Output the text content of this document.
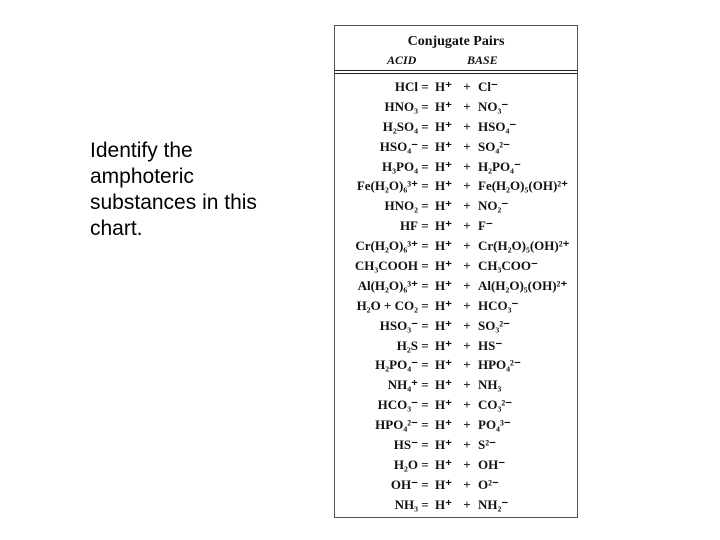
Identify the amphoteric substances in this chart.
Conjugate Pairs
ACID	BASE
HCl = H⁺ + Cl⁻
HNO₃ = H⁺ + NO₃⁻
H₂SO₄ = H⁺ + HSO₄⁻
HSO₄⁻ = H⁺ + SO₄²⁻
H₃PO₄ = H⁺ + H₂PO₄⁻
Fe(H₂O)₆³⁺ = H⁺ + Fe(H₂O)₅(OH)²⁺
HNO₂ = H⁺ + NO₂⁻
HF = H⁺ + F⁻
Cr(H₂O)₆³⁺ = H⁺ + Cr(H₂O)₅(OH)²⁺
CH₃COOH = H⁺ + CH₃COO⁻
Al(H₂O)₆³⁺ = H⁺ + Al(H₂O)₅(OH)²⁺
H₂O + CO₂ = H⁺ + HCO₃⁻
HSO₃⁻ = H⁺ + SO₃²⁻
H₂S = H⁺ + HS⁻
H₂PO₄⁻ = H⁺ + HPO₄²⁻
NH₄⁺ = H⁺ + NH₃
HCO₃⁻ = H⁺ + CO₃²⁻
HPO₄²⁻ = H⁺ + PO₄³⁻
HS⁻ = H⁺ + S²⁻
H₂O = H⁺ + OH⁻
OH⁻ = H⁺ + O²⁻
NH₃ = H⁺ + NH₂⁻
